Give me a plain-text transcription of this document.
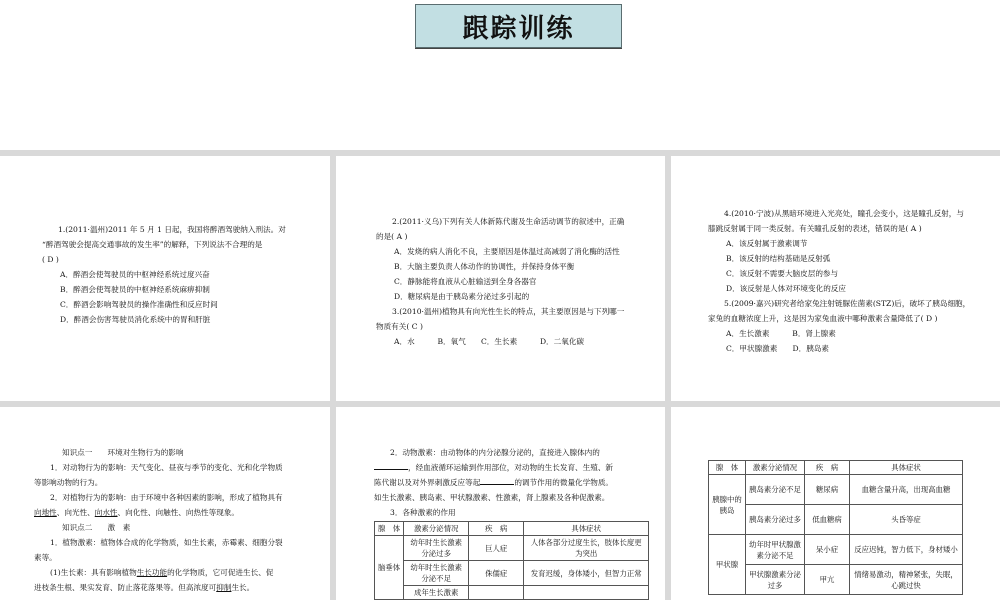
跟踪训练

1.(2011·温州)2011 年 5 月 1 日起，我国将醉酒驾驶纳入刑法。对

“醉酒驾驶会提高交通事故的发生率”的解释，下列说法不合理的是

( D )

A．醉酒会使驾驶员的中枢神经系统过度兴奋

B．醉酒会使驾驶员的中枢神经系统麻痹抑制

C．醉酒会影响驾驶员的操作准确性和反应时间

D．醉酒会伤害驾驶员消化系统中的胃和肝脏

2.(2011·义乌)下列有关人体新陈代谢及生命活动调节的叙述中，正确

的是( A )

A．发烧的病人消化不良，主要原因是体温过高减弱了消化酶的活性

B．大脑主要负责人体动作的协调性，并保持身体平衡

C．静脉能将血液从心脏输送到全身各器官

D．糖尿病是由于胰岛素分泌过多引起的

3.(2010·温州)植物具有向光性生长的特点，其主要原因是与下列哪一

物质有关( C )

A．水　　　B．氧气　　C．生长素　　　D．二氧化碳

4.(2010·宁波)从黑暗环境进入光亮处，瞳孔会变小，这是瞳孔反射，与

膝跳反射属于同一类反射。有关瞳孔反射的表述，错误的是( A )

A．该反射属于激素调节

B．该反射的结构基础是反射弧

C．该反射不需要大脑皮层的参与

D．该反射是人体对环境变化的反应

5.(2009·嘉兴)研究者给家兔注射链脲佐菌素(STZ)后，破坏了胰岛细胞，

家兔的血糖浓度上升，这是因为家兔血液中哪种激素含量降低了( D )

A．生长激素　　　B．肾上腺素

C．甲状腺激素　　D．胰岛素

知识点一　　环境对生物行为的影响

1．对动物行为的影响：天气变化、昼夜与季节的变化、光和化学物质

等影响动物的行为。

2．对植物行为的影响：由于环境中各种因素的影响，形成了植物具有

向地性、向光性、向水性、向化性、向触性、向热性等现象。

知识点二　　激　素

1．植物激素：植物体合成的化学物质，如生长素，赤霉素、细胞分裂

素等。

(1)生长素：具有影响植物生长功能的化学物质，它可促进生长、促

进枝条生根、果实发育、防止落花落果等。但高浓度可抑制生长。

2．动物激素：由动物体的内分泌腺分泌的，直接进入腺体内的

，经血液循环运输到作用部位，对动物的生长发育、生殖、新

陈代谢以及对外界刺激反应等起	的调节作用的微量化学物质。

如生长激素、胰岛素、甲状腺激素、性激素，肾上腺素及各种促激素。

3．各种激素的作用

腺　体	激素分泌情况	疾　病	具体症状
脑垂体	幼年时生长激素分泌过多	巨人症	人体各部分过度生长，肢体长度更为突出
	幼年时生长激素分泌不足	侏儒症	发育迟缓，身体矮小，但智力正常
	成年生长激素		
腺　体	激素分泌情况	疾　病	具体症状
胰腺中的胰岛	胰岛素分泌不足	糖尿病	血糖含量升高，出现高血糖
	胰岛素分泌过多	低血糖病	头昏等症
甲状腺	幼年时甲状腺激素分泌不足	呆小症	反应迟钝，智力低下，身材矮小
	甲状腺激素分泌过多	甲亢	情绪易激动，精神紧张，失眠，心跳过快
